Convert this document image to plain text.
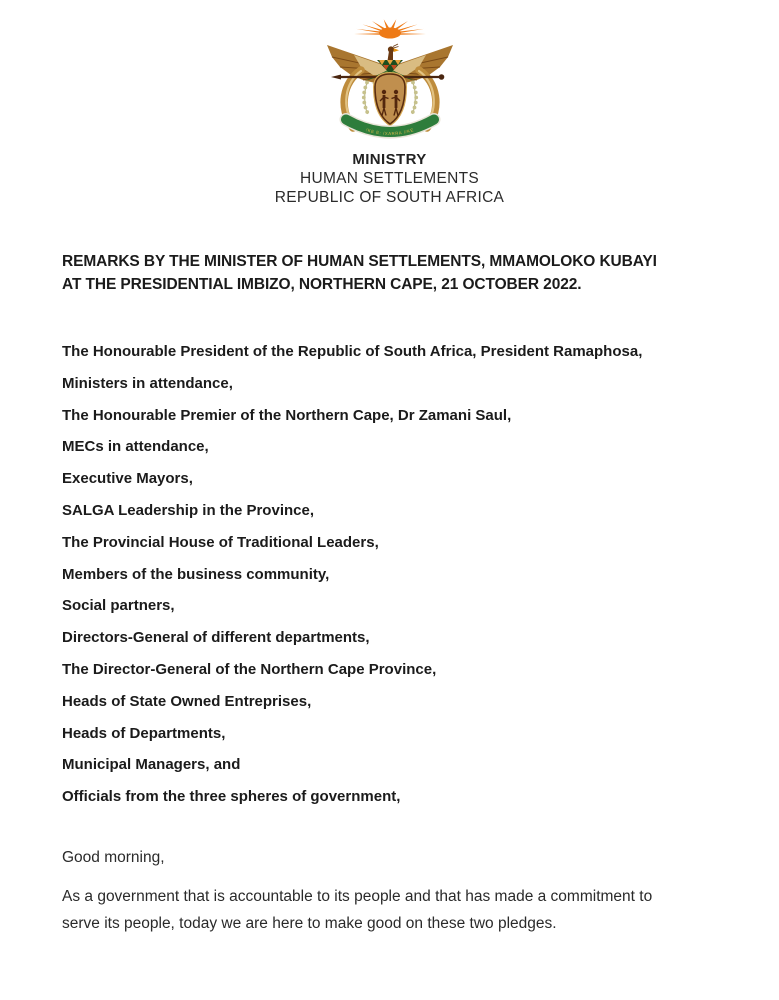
!KE E: /XARRA //KE
MINISTRY
HUMAN SETTLEMENTS
REPUBLIC OF SOUTH AFRICA
REMARKS BY THE MINISTER OF HUMAN SETTLEMENTS, MMAMOLOKO KUBAYI
AT THE PRESIDENTIAL IMBIZO, NORTHERN CAPE, 21 OCTOBER 2022.

The Honourable President of the Republic of South Africa, President Ramaphosa,

Ministers in attendance,

The Honourable Premier of the Northern Cape, Dr Zamani Saul,

MECs in attendance,

Executive Mayors,

SALGA Leadership in the Province,

The Provincial House of Traditional Leaders,

Members of the business community,

Social partners,

Directors-General of different departments,

The Director-General of the Northern Cape Province,

Heads of State Owned Entreprises,

Heads of Departments,

Municipal Managers, and

Officials from the three spheres of government,

Good morning,
As a government that is accountable to its people and that has made a commitment to
serve its people, today we are here to make good on these two pledges.
